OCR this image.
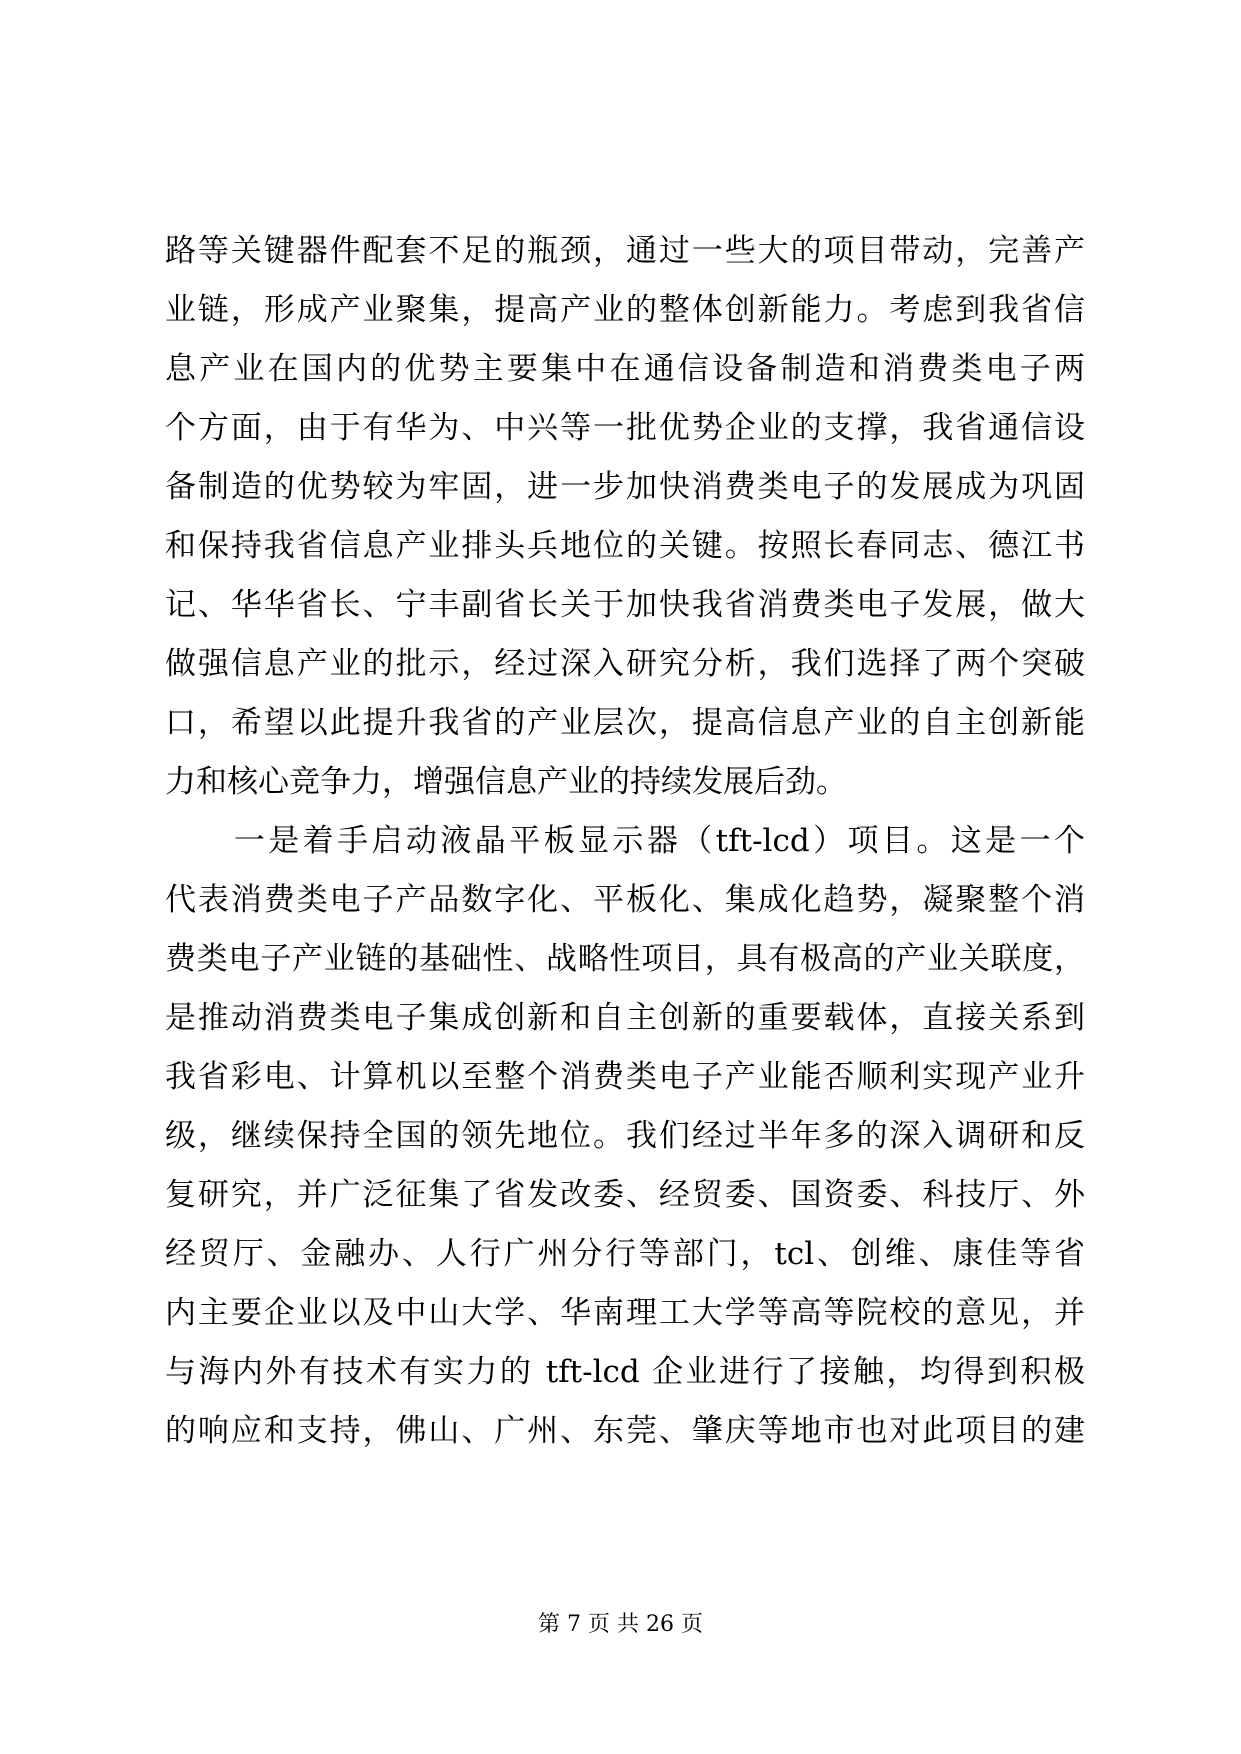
路等关键器件配套不足的瓶颈，通过一些大的项目带动，完善产
业链，形成产业聚集，提高产业的整体创新能力。考虑到我省信
息产业在国内的优势主要集中在通信设备制造和消费类电子两
个方面，由于有华为、中兴等一批优势企业的支撑，我省通信设
备制造的优势较为牢固，进一步加快消费类电子的发展成为巩固
和保持我省信息产业排头兵地位的关键。按照长春同志、德江书
记、华华省长、宁丰副省长关于加快我省消费类电子发展，做大
做强信息产业的批示，经过深入研究分析，我们选择了两个突破
口，希望以此提升我省的产业层次，提高信息产业的自主创新能
力和核心竞争力，增强信息产业的持续发展后劲。
　　一是着手启动液晶平板显示器（tft-lcd）项目。这是一个
代表消费类电子产品数字化、平板化、集成化趋势，凝聚整个消
费类电子产业链的基础性、战略性项目，具有极高的产业关联度，
是推动消费类电子集成创新和自主创新的重要载体，直接关系到
我省彩电、计算机以至整个消费类电子产业能否顺利实现产业升
级，继续保持全国的领先地位。我们经过半年多的深入调研和反
复研究，并广泛征集了省发改委、经贸委、国资委、科技厅、外
经贸厅、金融办、人行广州分行等部门，tcl、创维、康佳等省
内主要企业以及中山大学、华南理工大学等高等院校的意见，并
与海内外有技术有实力的 tft-lcd 企业进行了接触，均得到积极
的响应和支持，佛山、广州、东莞、肇庆等地市也对此项目的建
第 7 页 共 26 页
